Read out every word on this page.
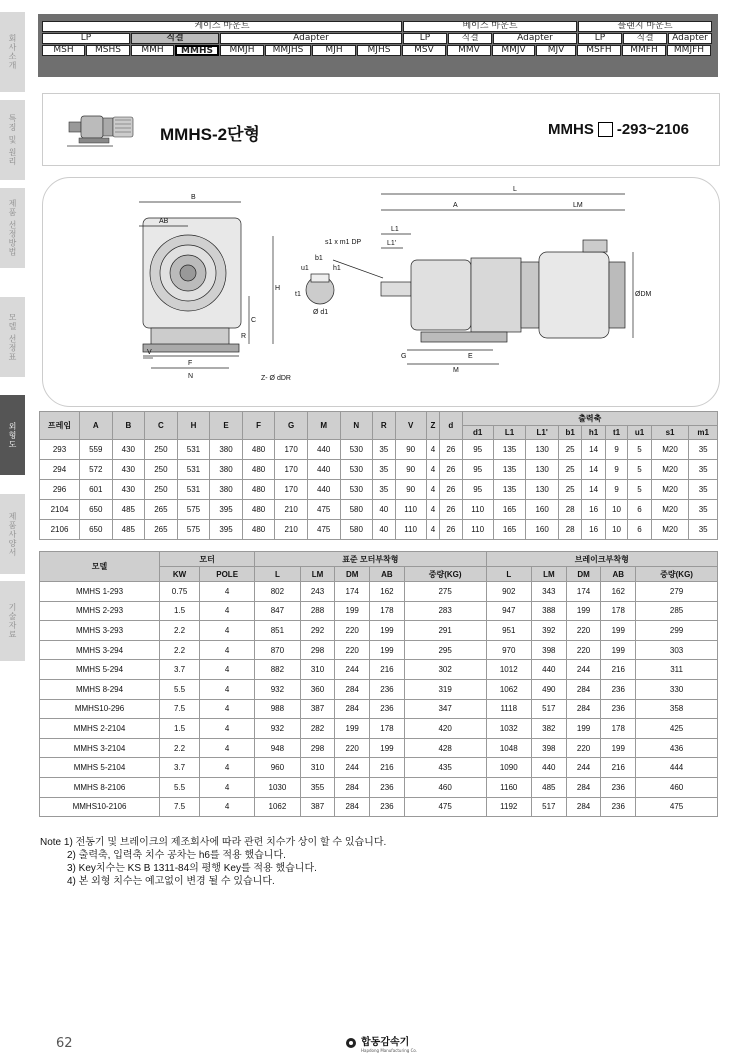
회사소개
특징 및 원리
제품 선정방법
모델 선정표
외형도
제품사양서
기술자료
케이스 마운트	베이스 마운트	플랜지 마운트
LP	직결	Adapter	LP	직결	Adapter	LP	직결	Adapter
MSH	MSHS	MMH	MMHS	MMJH	MMJHS	MJH	MJHS	MSV	MMV	MMJV	MJV	MSFH	MMFH	MMJFH
MMHS-2단형	MMHS -293~2106
B
AB
H
C
R
V
F
N	Z- Ø dDR
s1 x m1 DP
u1
t1
h1
b1
Ø d1
L
A	LM
L1
L1'
ØDM
G	E
M
프레임	A	B	C	H	E	F	G	M	N	R	V	Z	d	출력축								
														d1	L1	L1'	b1	h1	t1	u1	s1	m1
293	559	430	250	531	380	480	170	440	530	35	90	4	26	95	135	130	25	14	9	5	M20	35
294	572	430	250	531	380	480	170	440	530	35	90	4	26	95	135	130	25	14	9	5	M20	35
296	601	430	250	531	380	480	170	440	530	35	90	4	26	95	135	130	25	14	9	5	M20	35
2104	650	485	265	575	395	480	210	475	580	40	110	4	26	110	165	160	28	16	10	6	M20	35
2106	650	485	265	575	395	480	210	475	580	40	110	4	26	110	165	160	28	16	10	6	M20	35
모델	모터		표준 모터부착형					브레이크부착형				
	KW	POLE	L	LM	DM	AB	중량(KG)	L	LM	DM	AB	중량(KG)
MMHS 1-293	0.75	4	802	243	174	162	275	902	343	174	162	279
MMHS 2-293	1.5	4	847	288	199	178	283	947	388	199	178	285
MMHS 3-293	2.2	4	851	292	220	199	291	951	392	220	199	299
MMHS 3-294	2.2	4	870	298	220	199	295	970	398	220	199	303
MMHS 5-294	3.7	4	882	310	244	216	302	1012	440	244	216	311
MMHS 8-294	5.5	4	932	360	284	236	319	1062	490	284	236	330
MMHS10-296	7.5	4	988	387	284	236	347	1118	517	284	236	358
MMHS 2-2104	1.5	4	932	282	199	178	420	1032	382	199	178	425
MMHS 3-2104	2.2	4	948	298	220	199	428	1048	398	220	199	436
MMHS 5-2104	3.7	4	960	310	244	216	435	1090	440	244	216	444
MMHS 8-2106	5.5	4	1030	355	284	236	460	1160	485	284	236	460
MMHS10-2106	7.5	4	1062	387	284	236	475	1192	517	284	236	475
Note 1) 전동기 및 브레이크의 제조회사에 따라 관련 치수가 상이 할 수 있습니다.
2) 출력축, 입력축 치수 공차는 h6를 적용 했습니다.
3) Key치수는 KS B 1311-84의 평행 Key를 적용 했습니다.
4) 본 외형 치수는 예고없이 변경 될 수 있습니다.
62	합동감속기
Hapdong Manufacturing Co.
